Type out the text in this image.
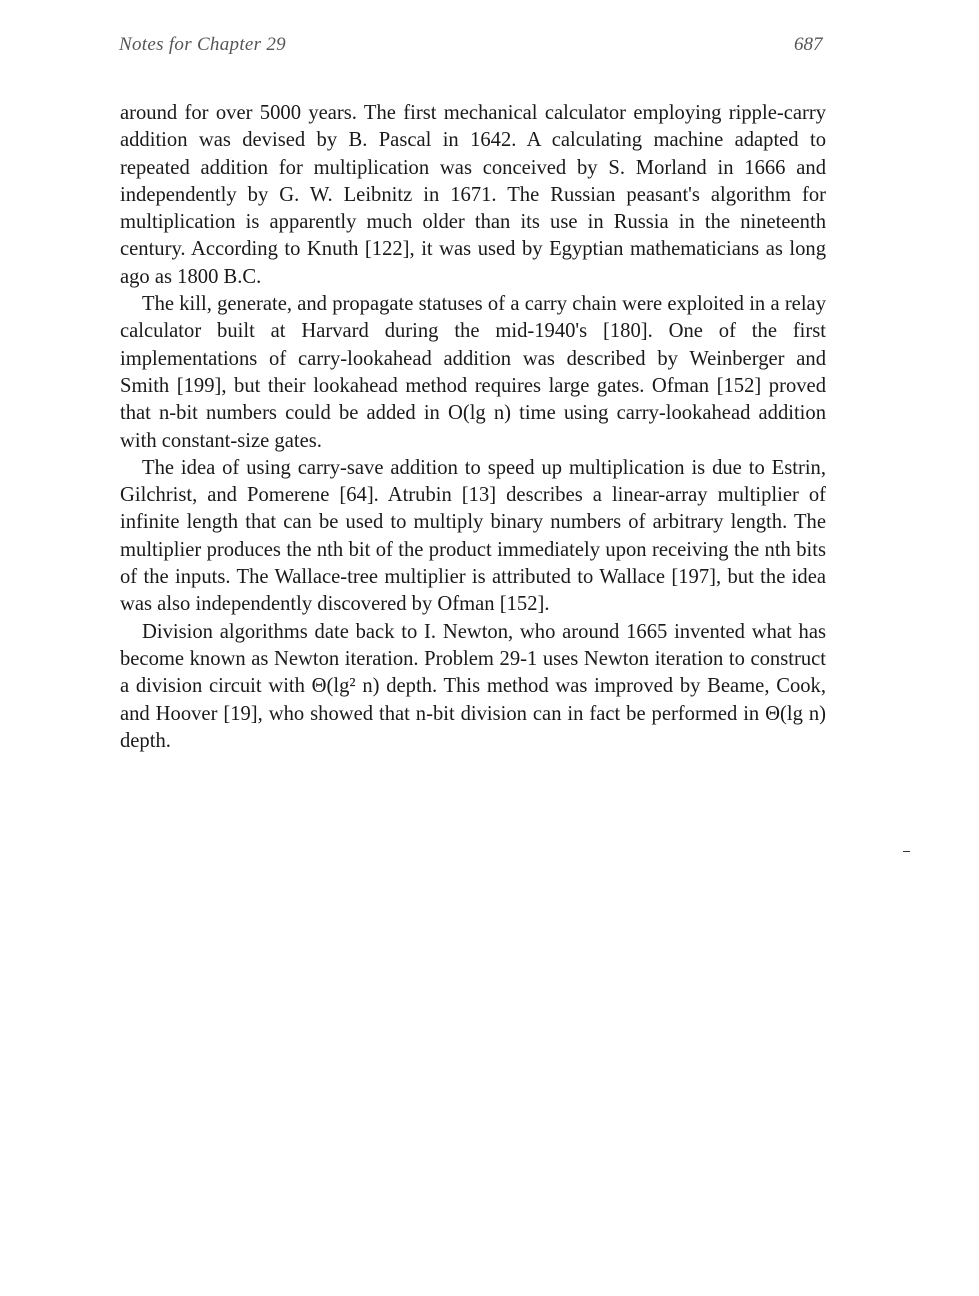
Notes for Chapter 29	687

around for over 5000 years. The first mechanical calculator employing ripple-carry addition was devised by B. Pascal in 1642. A calculating machine adapted to repeated addition for multiplication was conceived by S. Morland in 1666 and independently by G. W. Leibnitz in 1671. The Russian peasant's algorithm for multiplication is apparently much older than its use in Russia in the nineteenth century. According to Knuth [122], it was used by Egyptian mathematicians as long ago as 1800 B.C.

The kill, generate, and propagate statuses of a carry chain were exploited in a relay calculator built at Harvard during the mid-1940's [180]. One of the first implementations of carry-lookahead addition was described by Weinberger and Smith [199], but their lookahead method requires large gates. Ofman [152] proved that n-bit numbers could be added in O(lg n) time using carry-lookahead addition with constant-size gates.

The idea of using carry-save addition to speed up multiplication is due to Estrin, Gilchrist, and Pomerene [64]. Atrubin [13] describes a linear-array multiplier of infinite length that can be used to multiply binary numbers of arbitrary length. The multiplier produces the nth bit of the product immediately upon receiving the nth bits of the inputs. The Wallace-tree multiplier is attributed to Wallace [197], but the idea was also independently discovered by Ofman [152].

Division algorithms date back to I. Newton, who around 1665 invented what has become known as Newton iteration. Problem 29-1 uses Newton iteration to construct a division circuit with Θ(lg² n) depth. This method was improved by Beame, Cook, and Hoover [19], who showed that n-bit division can in fact be performed in Θ(lg n) depth.
